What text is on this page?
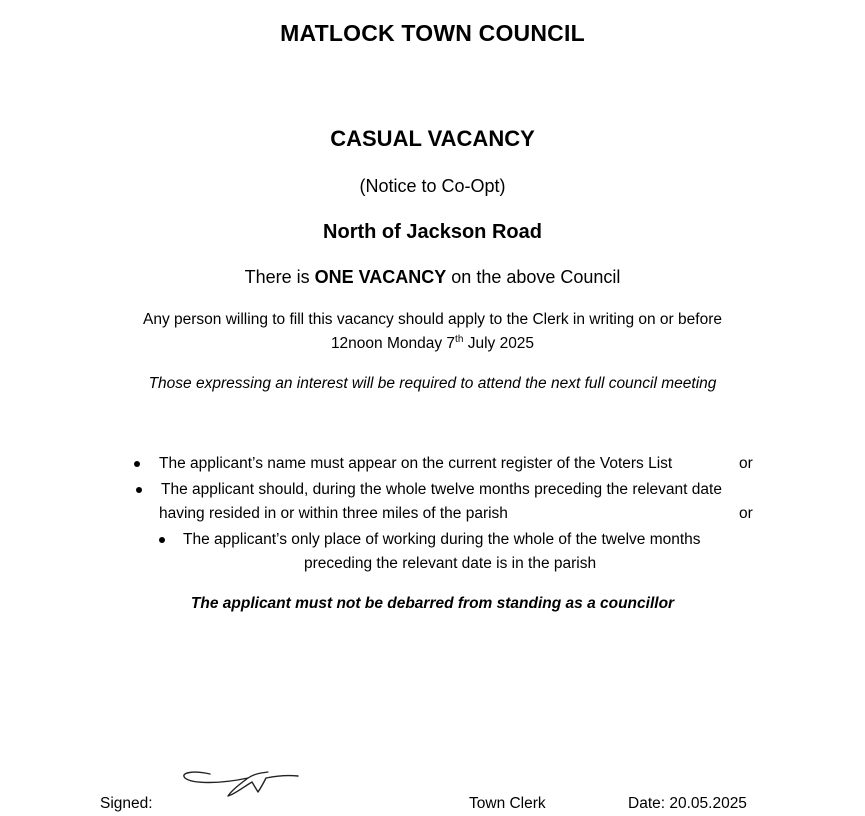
MATLOCK TOWN COUNCIL
CASUAL VACANCY
(Notice to Co-Opt)
North of Jackson Road
There is ONE VACANCY on the above Council
Any person willing to fill this vacancy should apply to the Clerk in writing on or before
12noon Monday 7th July 2025
Those expressing an interest will be required to attend the next full council meeting
The applicant’s name must appear on the current register of the Voters List	or
The applicant should, during the whole twelve months preceding the relevant date
having resided in or within three miles of the parish	or
The applicant’s only place of working during the whole of the twelve months
preceding the relevant date is in the parish
The applicant must not be debarred from standing as a councillor
Signed:	Town Clerk	Date: 20.05.2025
